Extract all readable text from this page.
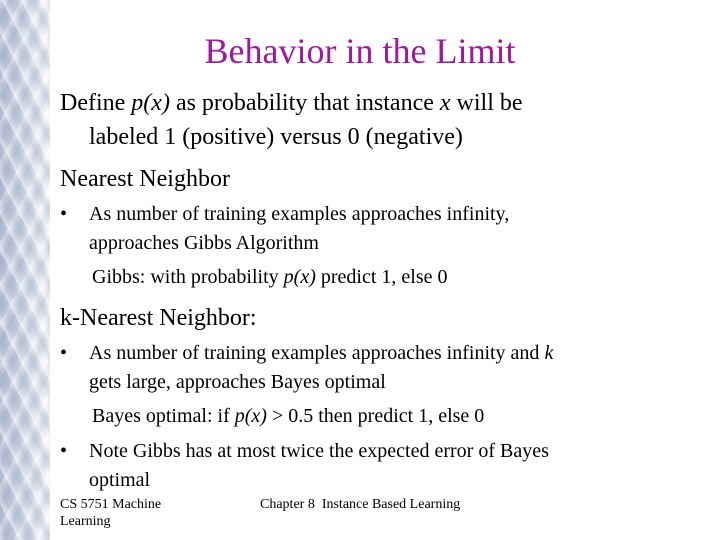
Behavior in the Limit
Define p(x) as probability that instance x will be
labeled 1 (positive) versus 0 (negative)
Nearest Neighbor
• As number of training examples approaches infinity,
approaches Gibbs Algorithm
Gibbs: with probability p(x) predict 1, else 0
k-Nearest Neighbor:
• As number of training examples approaches infinity and k
gets large, approaches Bayes optimal
Bayes optimal: if p(x) > 0.5 then predict 1, else 0
• Note Gibbs has at most twice the expected error of Bayes
optimal
CS 5751 Machine
Learning
Chapter 8  Instance Based Learning
